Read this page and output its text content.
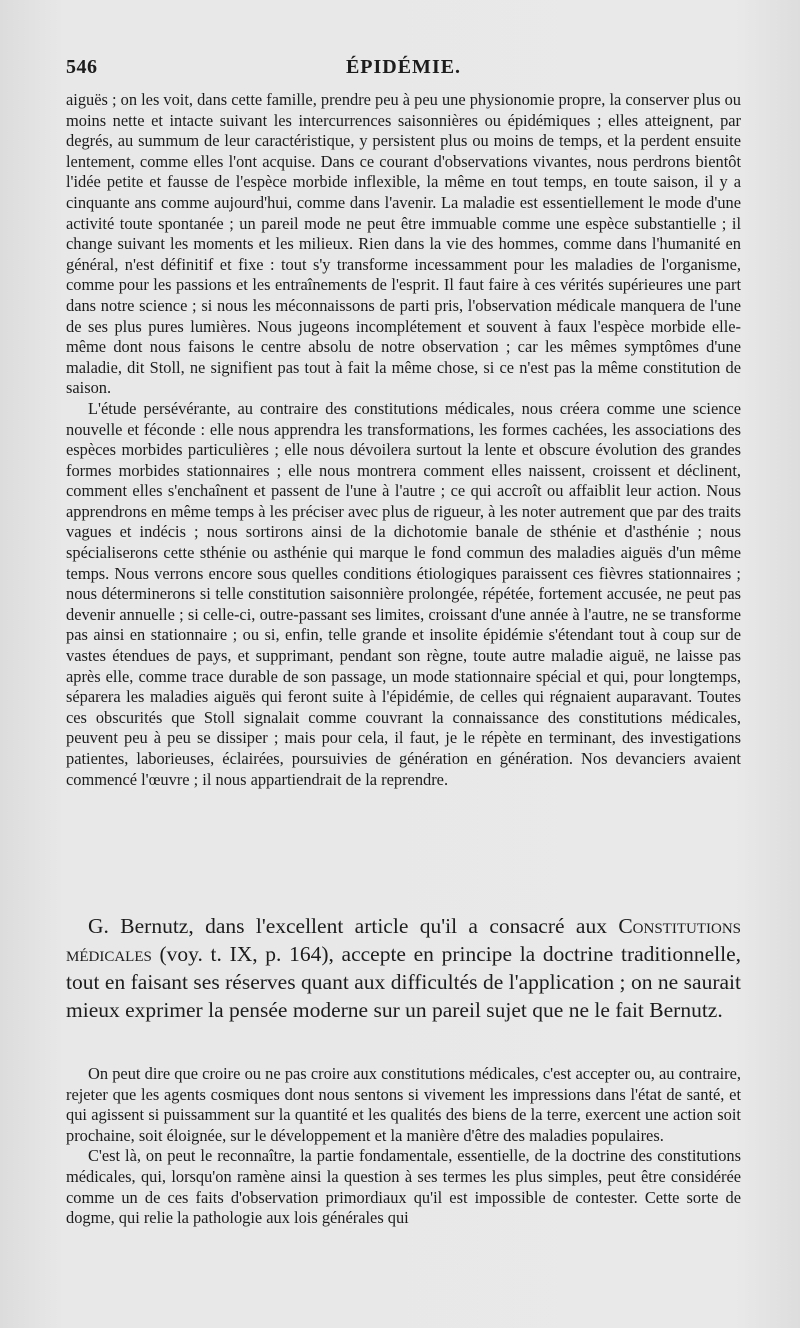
546	ÉPIDÉMIE.

aiguës ; on les voit, dans cette famille, prendre peu à peu une physionomie propre, la conserver plus ou moins nette et intacte suivant les intercurrences saisonnières ou épidémiques ; elles atteignent, par degrés, au summum de leur caractéristique, y persistent plus ou moins de temps, et la perdent ensuite lentement, comme elles l'ont acquise. Dans ce courant d'observations vivantes, nous perdrons bientôt l'idée petite et fausse de l'espèce morbide inflexible, la même en tout temps, en toute saison, il y a cinquante ans comme aujourd'hui, comme dans l'avenir. La maladie est essentiellement le mode d'une activité toute spontanée ; un pareil mode ne peut être immuable comme une espèce substantielle ; il change suivant les moments et les milieux. Rien dans la vie des hommes, comme dans l'humanité en général, n'est définitif et fixe : tout s'y transforme incessamment pour les maladies de l'organisme, comme pour les passions et les entraînements de l'esprit. Il faut faire à ces vérités supérieures une part dans notre science ; si nous les méconnaissons de parti pris, l'observation médicale manquera de l'une de ses plus pures lumières. Nous jugeons incomplétement et souvent à faux l'espèce morbide elle-même dont nous faisons le centre absolu de notre observation ; car les mêmes symptômes d'une maladie, dit Stoll, ne signifient pas tout à fait la même chose, si ce n'est pas la même constitution de saison.

L'étude persévérante, au contraire des constitutions médicales, nous créera comme une science nouvelle et féconde : elle nous apprendra les transformations, les formes cachées, les associations des espèces morbides particulières ; elle nous dévoilera surtout la lente et obscure évolution des grandes formes morbides stationnaires ; elle nous montrera comment elles naissent, croissent et déclinent, comment elles s'enchaînent et passent de l'une à l'autre ; ce qui accroît ou affaiblit leur action. Nous apprendrons en même temps à les préciser avec plus de rigueur, à les noter autrement que par des traits vagues et indécis ; nous sortirons ainsi de la dichotomie banale de sthénie et d'asthénie ; nous spécialiserons cette sthénie ou asthénie qui marque le fond commun des maladies aiguës d'un même temps. Nous verrons encore sous quelles conditions étiologiques paraissent ces fièvres stationnaires ; nous déterminerons si telle constitution saisonnière prolongée, répétée, fortement accusée, ne peut pas devenir annuelle ; si celle-ci, outre-passant ses limites, croissant d'une année à l'autre, ne se transforme pas ainsi en stationnaire ; ou si, enfin, telle grande et insolite épidémie s'étendant tout à coup sur de vastes étendues de pays, et supprimant, pendant son règne, toute autre maladie aiguë, ne laisse pas après elle, comme trace durable de son passage, un mode stationnaire spécial et qui, pour longtemps, séparera les maladies aiguës qui feront suite à l'épidémie, de celles qui régnaient auparavant. Toutes ces obscurités que Stoll signalait comme couvrant la connaissance des constitutions médicales, peuvent peu à peu se dissiper ; mais pour cela, il faut, je le répète en terminant, des investigations patientes, laborieuses, éclairées, poursuivies de génération en génération. Nos devanciers avaient commencé l'œuvre ; il nous appartiendrait de la reprendre.

G. Bernutz, dans l'excellent article qu'il a consacré aux Constitutions médicales (voy. t. IX, p. 164), accepte en principe la doctrine traditionnelle, tout en faisant ses réserves quant aux difficultés de l'application ; on ne saurait mieux exprimer la pensée moderne sur un pareil sujet que ne le fait Bernutz.

On peut dire que croire ou ne pas croire aux constitutions médicales, c'est accepter ou, au contraire, rejeter que les agents cosmiques dont nous sentons si vivement les impressions dans l'état de santé, et qui agissent si puissamment sur la quantité et les qualités des biens de la terre, exercent une action soit prochaine, soit éloignée, sur le développement et la manière d'être des maladies populaires.

C'est là, on peut le reconnaître, la partie fondamentale, essentielle, de la doctrine des constitutions médicales, qui, lorsqu'on ramène ainsi la question à ses termes les plus simples, peut être considérée comme un de ces faits d'observation primordiaux qu'il est impossible de contester. Cette sorte de dogme, qui relie la pathologie aux lois générales qui
